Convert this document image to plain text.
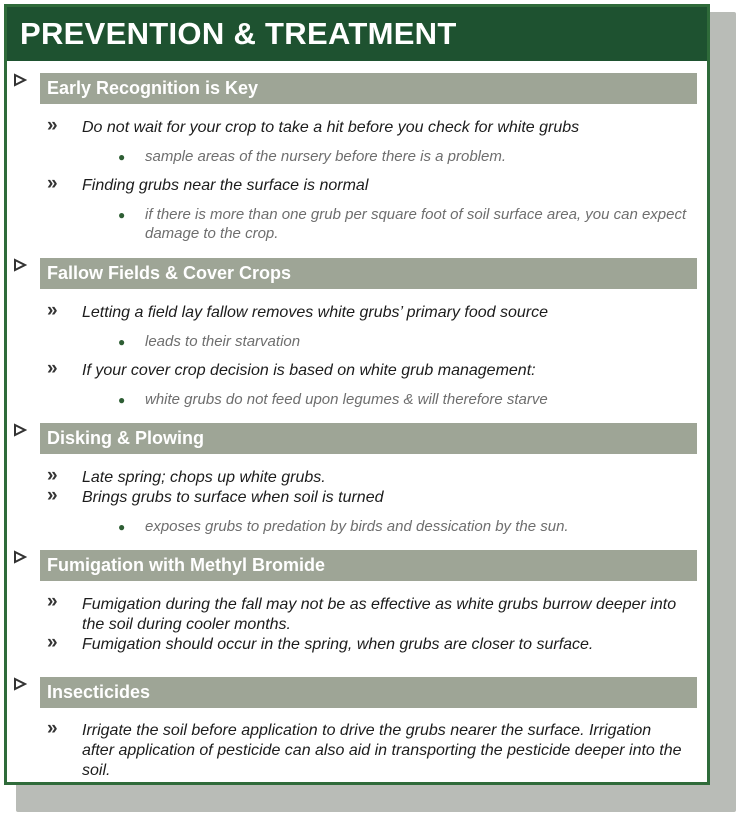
PREVENTION & TREATMENT
Early Recognition is Key
» Do not wait for your crop to take a hit before you check for white grubs
● sample areas of the nursery before there is a problem.
» Finding grubs near the surface is normal
● if there is more than one grub per square foot of soil surface area, you can expect damage to the crop.
Fallow Fields & Cover Crops
» Letting a field lay fallow removes white grubs’ primary food source
● leads to their starvation
» If your cover crop decision is based on white grub management:
● white grubs do not feed upon legumes & will therefore starve
Disking & Plowing
» Late spring; chops up white grubs.
» Brings grubs to surface when soil is turned
● exposes grubs to predation by birds and dessication by the sun.
Fumigation with Methyl Bromide
» Fumigation during the fall may not be as effective as white grubs burrow deeper into the soil during cooler months.
» Fumigation should occur in the spring, when grubs are closer to surface.
Insecticides
» Irrigate the soil before application to drive the grubs nearer the surface. Irrigation after application of pesticide can also aid in transporting the pesticide deeper into the soil.
